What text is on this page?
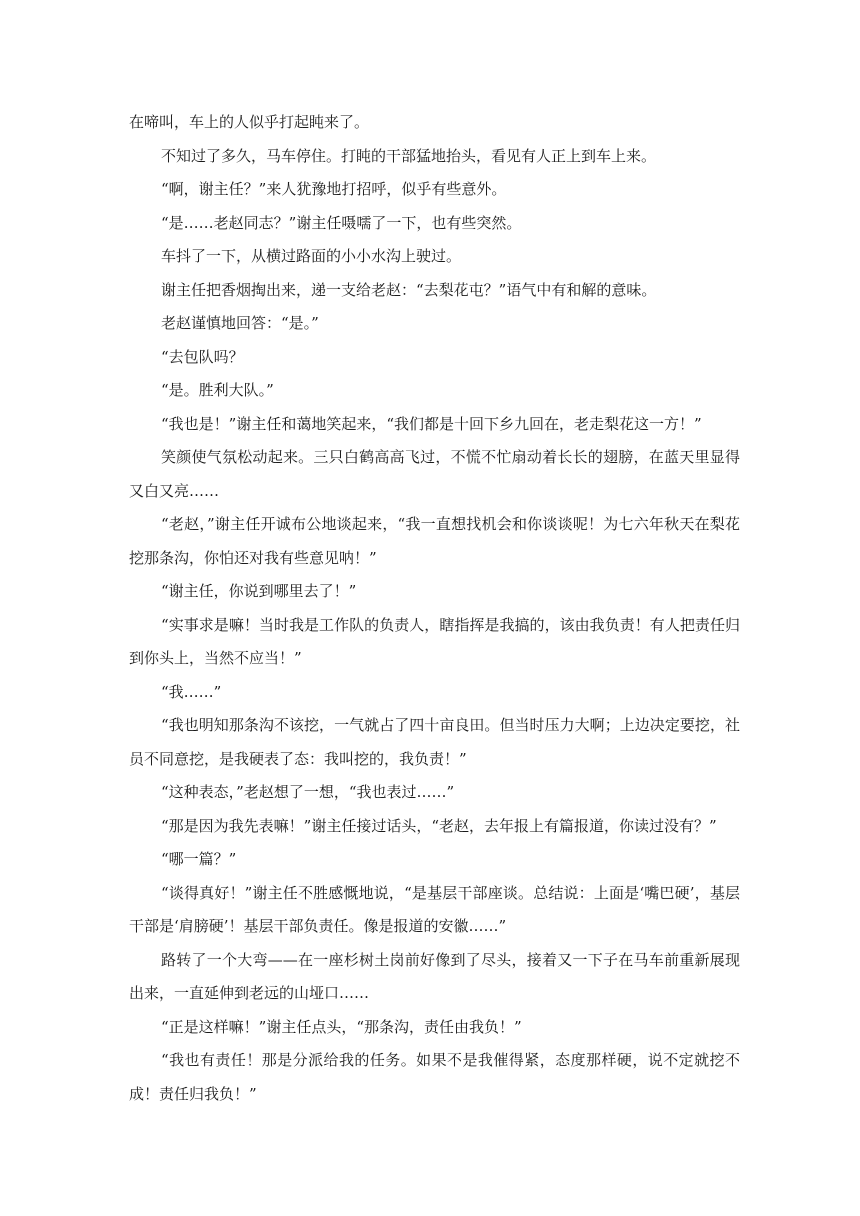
在啼叫，车上的人似乎打起盹来了。

不知过了多久，马车停住。打盹的干部猛地抬头，看见有人正上到车上来。

“啊，谢主任？”来人犹豫地打招呼，似乎有些意外。

“是……老赵同志？”谢主任嗫嚅了一下，也有些突然。

车抖了一下，从横过路面的小小水沟上驶过。

谢主任把香烟掏出来，递一支给老赵：“去梨花屯？”语气中有和解的意味。

老赵谨慎地回答：“是。”

“去包队吗？

“是。胜利大队。”

“我也是！”谢主任和蔼地笑起来，“我们都是十回下乡九回在，老走梨花这一方！”

笑颜使气氛松动起来。三只白鹤高高飞过，不慌不忙扇动着长长的翅膀，在蓝天里显得又白又亮……

“老赵，”谢主任开诚布公地谈起来，“我一直想找机会和你谈谈呢！为七六年秋天在梨花挖那条沟，你怕还对我有些意见呐！”

“谢主任，你说到哪里去了！”

“实事求是嘛！当时我是工作队的负责人，瞎指挥是我搞的，该由我负责！有人把责任归到你头上，当然不应当！”

“我……”

“我也明知那条沟不该挖，一气就占了四十亩良田。但当时压力大啊；上边决定要挖，社员不同意挖，是我硬表了态：我叫挖的，我负责！”

“这种表态，”老赵想了一想，“我也表过……”

“那是因为我先表嘛！”谢主任接过话头，“老赵，去年报上有篇报道，你读过没有？”

“哪一篇？”

“谈得真好！”谢主任不胜感慨地说，“是基层干部座谈。总结说：上面是‘嘴巴硬’，基层干部是‘肩膀硬’！基层干部负责任。像是报道的安徽……”

路转了一个大弯——在一座杉树土岗前好像到了尽头，接着又一下子在马车前重新展现出来，一直延伸到老远的山垭口……

“正是这样嘛！”谢主任点头，“那条沟，责任由我负！”

“我也有责任！那是分派给我的任务。如果不是我催得紧，态度那样硬，说不定就挖不成！责任归我负！”
